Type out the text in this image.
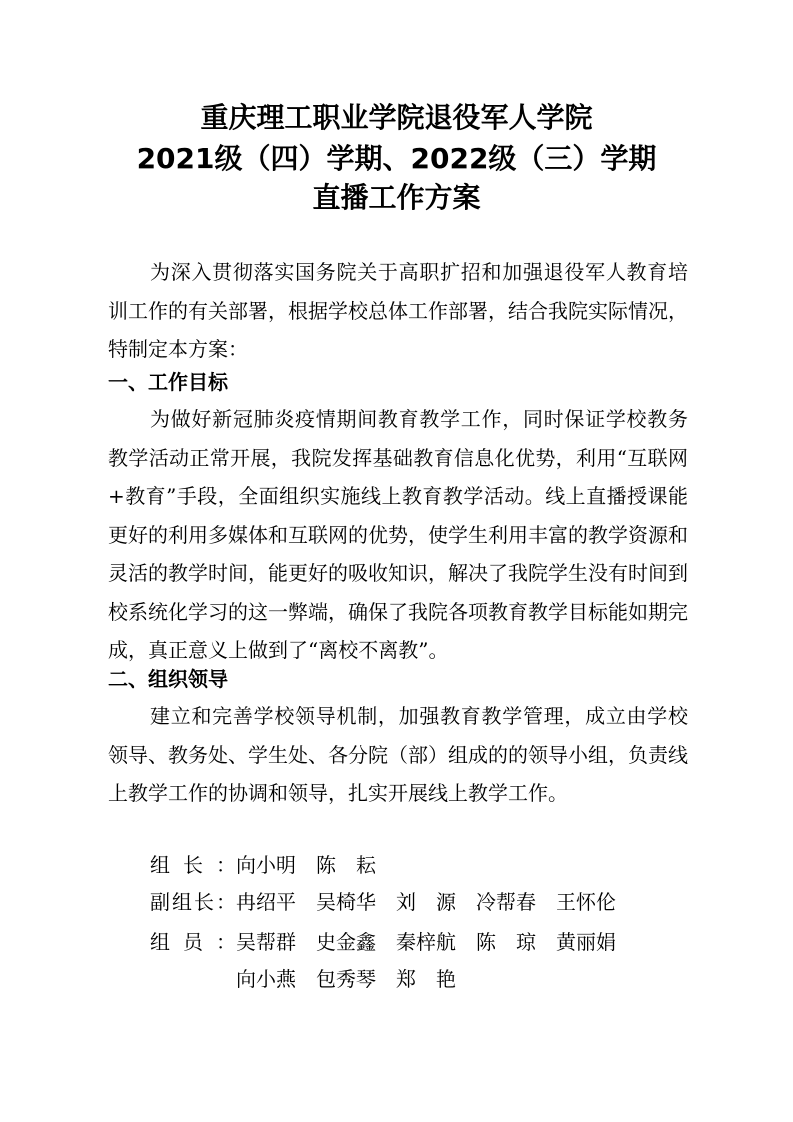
重庆理工职业学院退役军人学院
2021级（四）学期、2022级（三）学期
直播工作方案

为深入贯彻落实国务院关于高职扩招和加强退役军人教育培训工作的有关部署，根据学校总体工作部署，结合我院实际情况，特制定本方案：

一、工作目标

为做好新冠肺炎疫情期间教育教学工作，同时保证学校教务教学活动正常开展，我院发挥基础教育信息化优势，利用“互联网+教育”手段，全面组织实施线上教育教学活动。线上直播授课能更好的利用多媒体和互联网的优势，使学生利用丰富的教学资源和灵活的教学时间，能更好的吸收知识，解决了我院学生没有时间到校系统化学习的这一弊端，确保了我院各项教育教学目标能如期完成，真正意义上做到了“离校不离教”。

二、组织领导

建立和完善学校领导机制，加强教育教学管理，成立由学校领导、教务处、学生处、各分院（部）组成的的领导小组，负责线上教学工作的协调和领导，扎实开展线上教学工作。

组长：向小明 陈　耘
副组长：冉绍平 吴椅华 刘　源 冷帮春 王怀伦
组员：吴帮群 史金鑫 秦梓航 陈　琼 黄丽娟
向小燕 包秀琴 郑　艳
